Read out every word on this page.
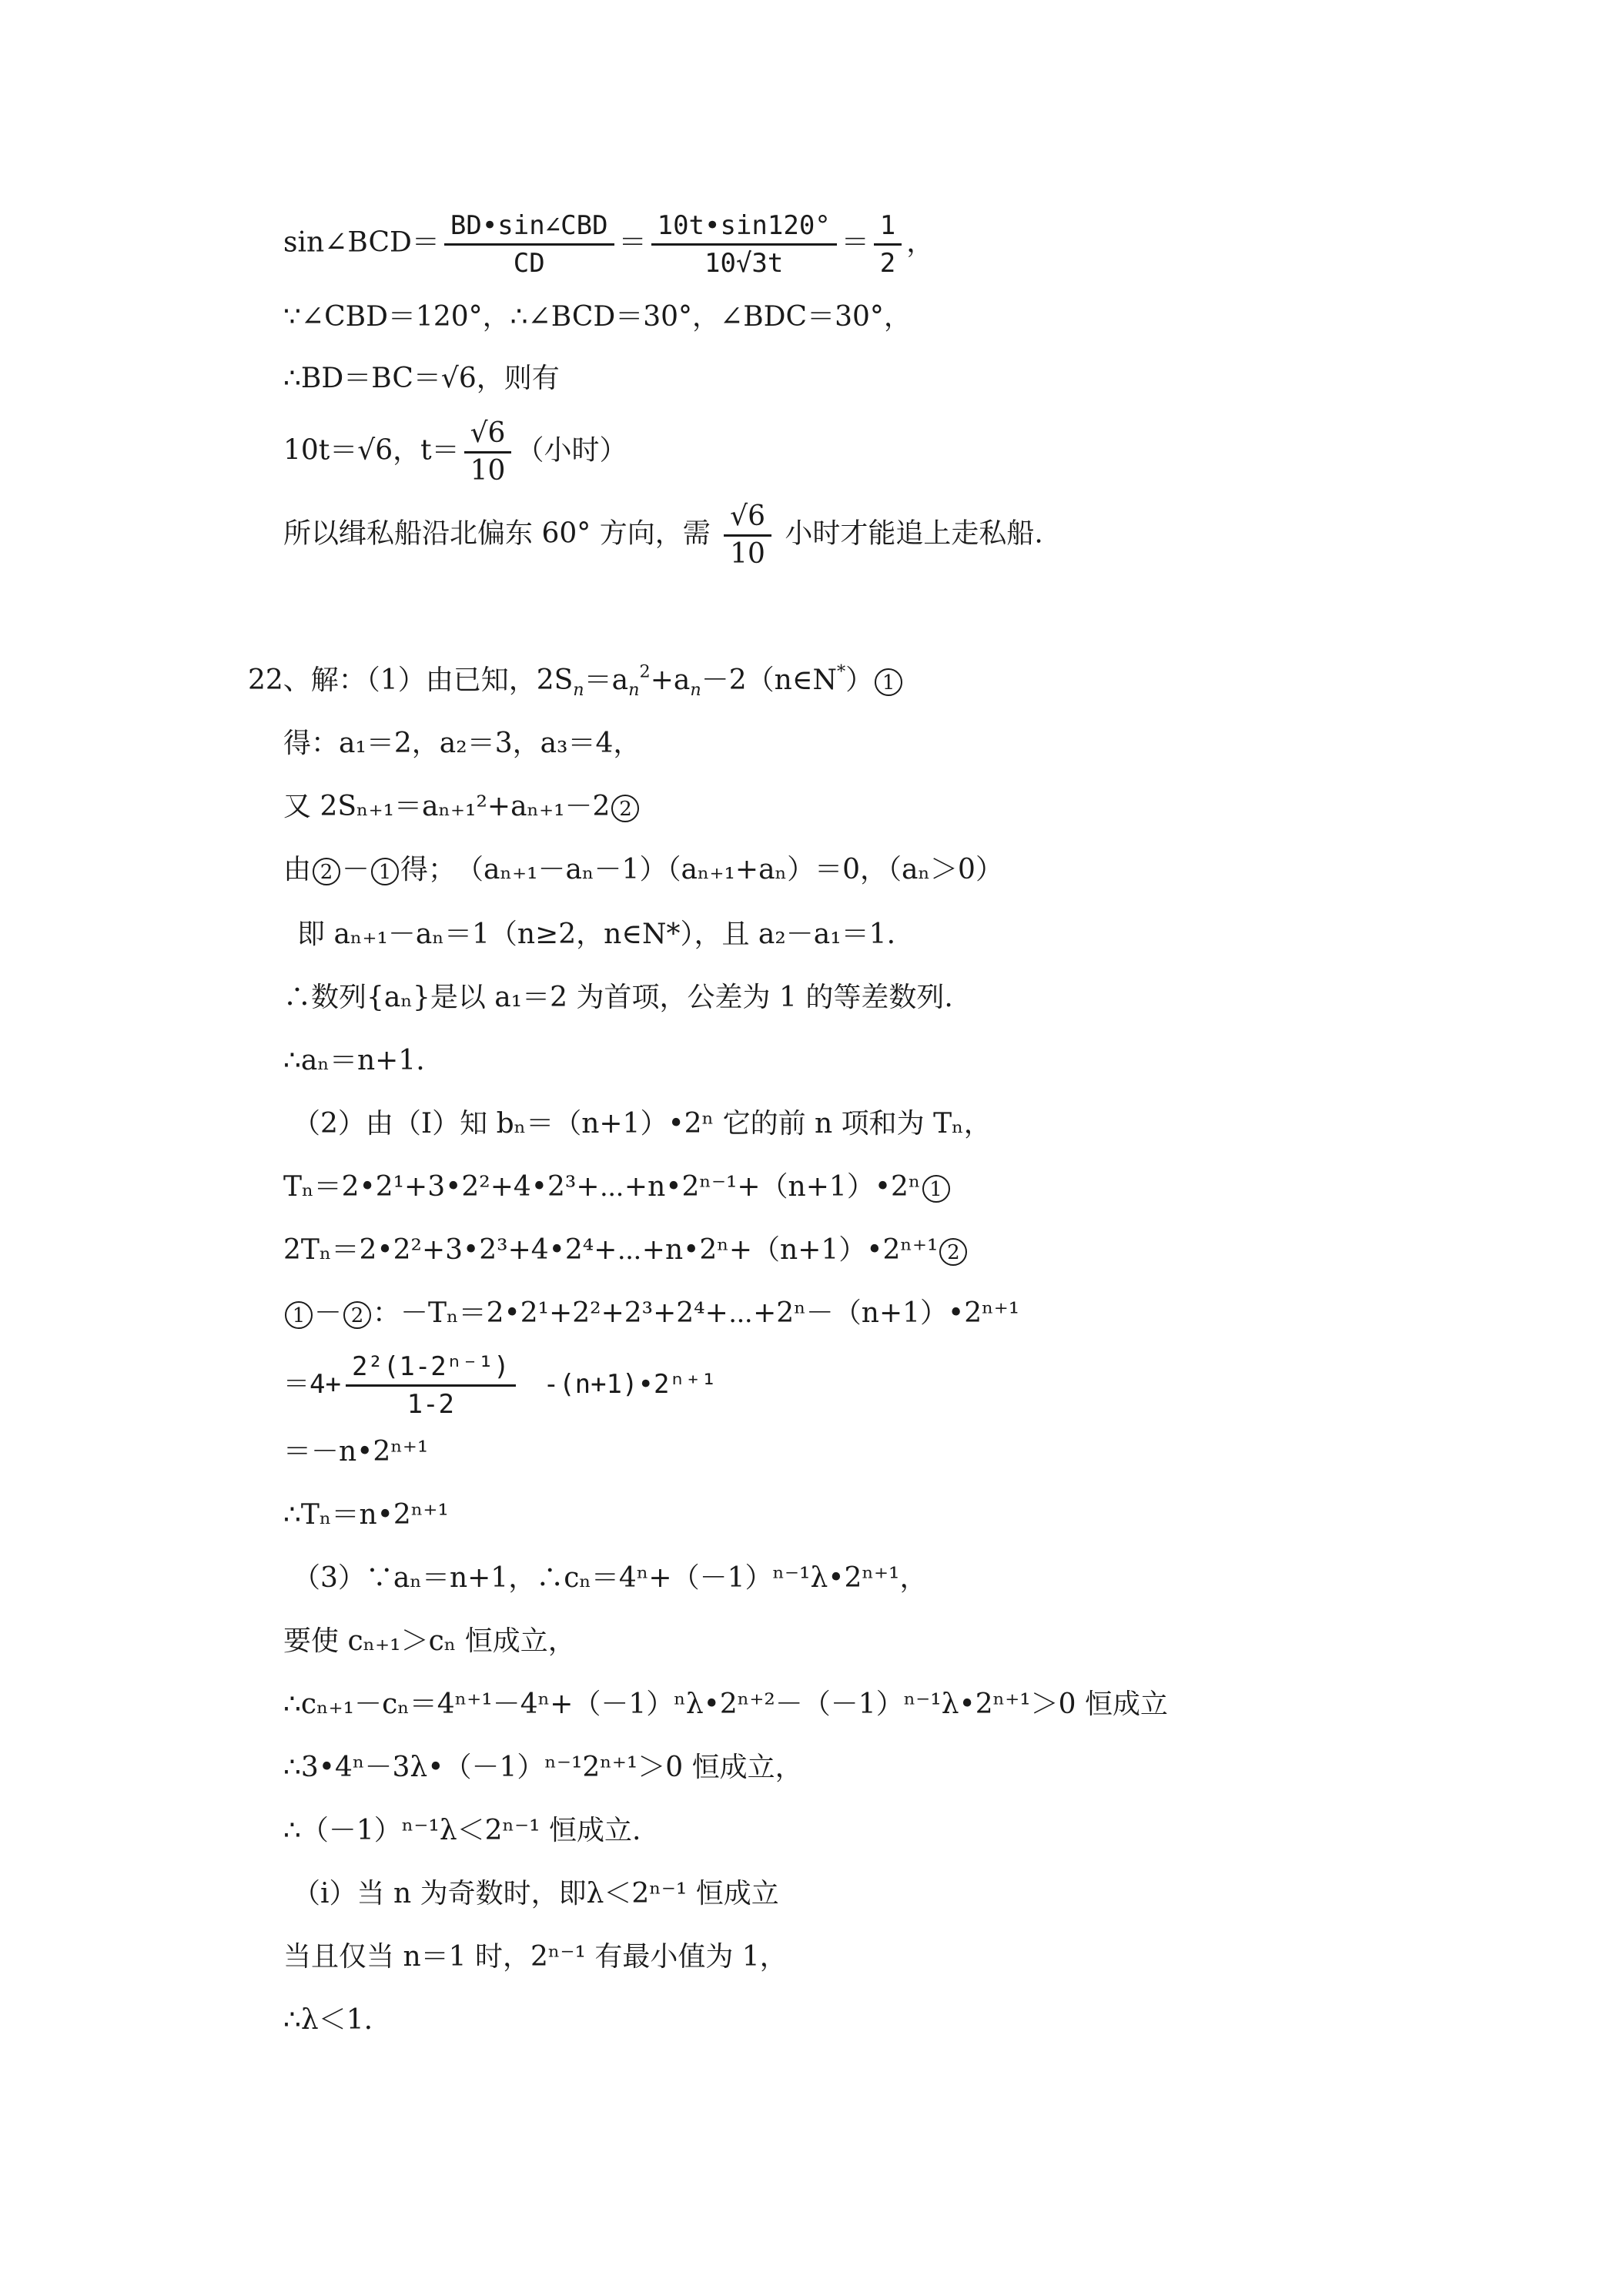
sin∠BCD＝ $\frac{\text{BD•sin∠CBD}}{CD} = \frac{10t•\sin 120^\circ}{10√3t} = \frac{1}{2}$ ，
∵∠CBD＝120°，∴∠BCD＝30°，∠BDC＝30°，
∴BD＝BC＝√6，则有
10t＝√6，$t= \frac{√6}{10}$ （小时）
所以缉私船沿北偏东 60° 方向，需 $\frac{√6}{10}$ 小时才能追上走私船.
22、解：（1）由已知，$2S_n=a_n^2+a_n-2(n\in N^*)$ 1
得：a₁＝2，a₂＝3，a₃＝4，
又 2Sₙ₊₁＝aₙ₊₁²+aₙ₊₁－2 2
由 2 － 1 得；　（aₙ₊₁－aₙ－1）（aₙ₊₁+aₙ）＝0，（aₙ＞0）
即 aₙ₊₁－aₙ＝1（n≥2，n∈N*），且 a₂－a₁＝1.
∴数列{aₙ}是以 a₁＝2 为首项，公差为 1 的等差数列.
∴aₙ＝n+1.
（2）由（Ⅰ）知 bₙ＝（n+1）•2ⁿ 它的前 n 项和为 Tₙ，
Tₙ＝2•2¹+3•2²+4•2³+⋯+n•2ⁿ⁻¹+（n+1）•2ⁿ 1
2Tₙ＝2•2²+3•2³+4•2⁴+⋯+n•2ⁿ+（n+1）•2ⁿ⁺¹ 2
1 － 2 ：－Tₙ＝2•2¹+2²+2³+2⁴+⋯+2ⁿ－（n+1）•2ⁿ⁺¹
$=4+ \frac{\text{2²(1-2ⁿ⁻¹)}}{1-2}$ -(n+1)•2ⁿ⁺¹
＝－n•2ⁿ⁺¹
∴Tₙ＝n•2ⁿ⁺¹
（3）∵aₙ＝n+1，∴cₙ＝4ⁿ+（－1）ⁿ⁻¹λ•2ⁿ⁺¹，
要使 cₙ₊₁＞cₙ 恒成立，
∴cₙ₊₁－cₙ＝4ⁿ⁺¹－4ⁿ+（－1）ⁿλ•2ⁿ⁺²－（－1）ⁿ⁻¹λ•2ⁿ⁺¹＞0 恒成立
∴3•4ⁿ－3λ•（－1）ⁿ⁻¹2ⁿ⁺¹＞0 恒成立，
∴（－1）ⁿ⁻¹λ＜2ⁿ⁻¹ 恒成立.
（ⅰ）当 n 为奇数时，即λ＜2ⁿ⁻¹ 恒成立
当且仅当 n＝1 时，2ⁿ⁻¹ 有最小值为 1，
∴λ＜1.
